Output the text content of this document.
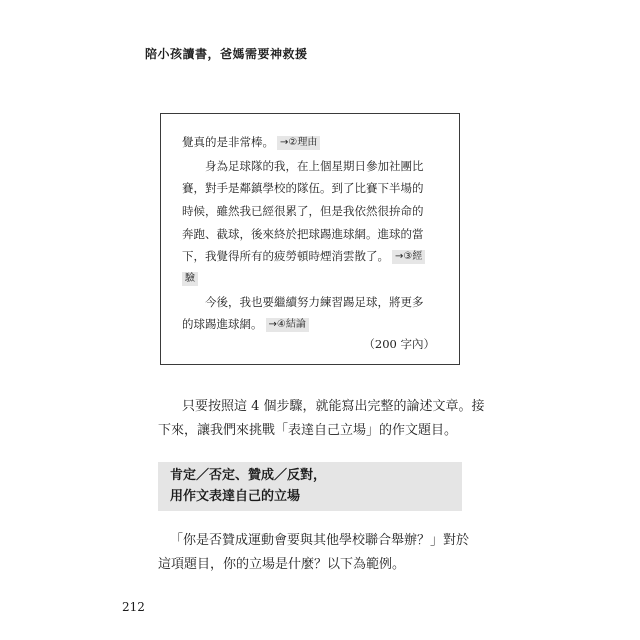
陪小孩讀書，爸媽需要神救援
覺真的是非常棒。 →②理由
身為足球隊的我，在上個星期日參加社團比
賽，對手是鄰鎮學校的隊伍。到了比賽下半場的
時候，雖然我已經很累了，但是我依然很拚命的
奔跑、截球，後來終於把球踢進球網。進球的當
下，我覺得所有的疲勞頓時煙消雲散了。 →③經
驗
今後，我也要繼續努力練習踢足球，將更多
的球踢進球網。 →④結論
（200 字內）
只要按照這 4 個步驟，就能寫出完整的論述文章。接
下來，讓我們來挑戰「表達自己立場」的作文題目。
肯定／否定、贊成／反對，
用作文表達自己的立場
「你是否贊成運動會要與其他學校聯合舉辦？」對於
這項題目，你的立場是什麼？以下為範例。
212
